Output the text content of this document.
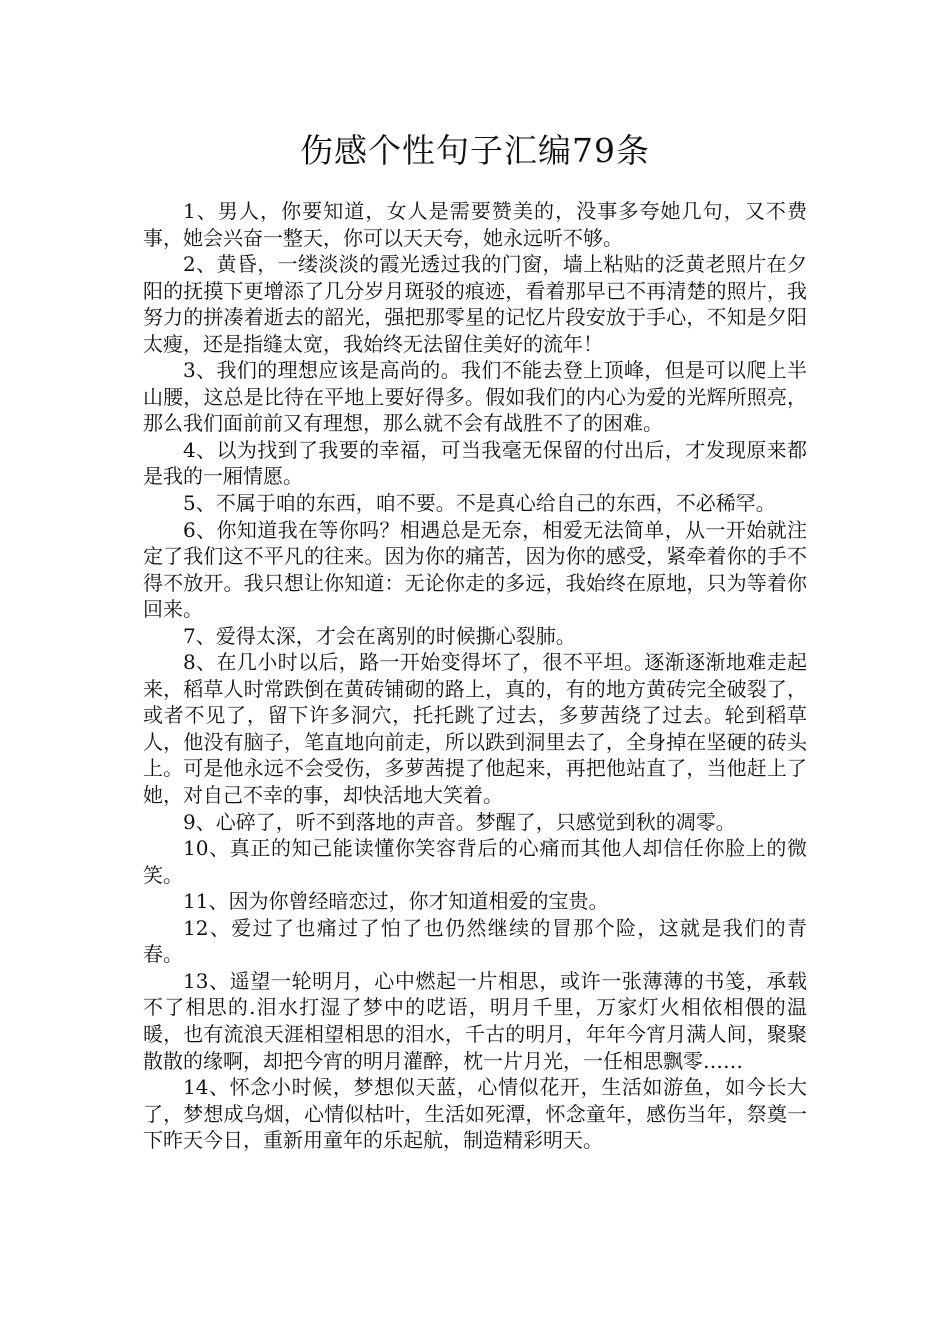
伤感个性句子汇编79条

1、男人，你要知道，女人是需要赞美的，没事多夸她几句，又不费事，她会兴奋一整天，你可以天天夸，她永远听不够。

2、黄昏，一缕淡淡的霞光透过我的门窗，墙上粘贴的泛黄老照片在夕阳的抚摸下更增添了几分岁月斑驳的痕迹，看着那早已不再清楚的照片，我努力的拼凑着逝去的韶光，强把那零星的记忆片段安放于手心，不知是夕阳太瘦，还是指缝太宽，我始终无法留住美好的流年！

3、我们的理想应该是高尚的。我们不能去登上顶峰，但是可以爬上半山腰，这总是比待在平地上要好得多。假如我们的内心为爱的光辉所照亮，那么我们面前前又有理想，那么就不会有战胜不了的困难。

4、以为找到了我要的幸福，可当我毫无保留的付出后，才发现原来都是我的一厢情愿。

5、不属于咱的东西，咱不要。不是真心给自己的东西，不必稀罕。

6、你知道我在等你吗？相遇总是无奈，相爱无法简单，从一开始就注定了我们这不平凡的往来。因为你的痛苦，因为你的感受，紧牵着你的手不得不放开。我只想让你知道：无论你走的多远，我始终在原地，只为等着你回来。

7、爱得太深，才会在离别的时候撕心裂肺。

8、在几小时以后，路一开始变得坏了，很不平坦。逐渐逐渐地难走起来，稻草人时常跌倒在黄砖铺砌的路上，真的，有的地方黄砖完全破裂了，或者不见了，留下许多洞穴，托托跳了过去，多萝茜绕了过去。轮到稻草人，他没有脑子，笔直地向前走，所以跌到洞里去了，全身掉在坚硬的砖头上。可是他永远不会受伤，多萝茜提了他起来，再把他站直了，当他赶上了她，对自己不幸的事，却快活地大笑着。

9、心碎了，听不到落地的声音。梦醒了，只感觉到秋的凋零。

10、真正的知己能读懂你笑容背后的心痛而其他人却信任你脸上的微笑。

11、因为你曾经暗恋过，你才知道相爱的宝贵。

12、爱过了也痛过了怕了也仍然继续的冒那个险，这就是我们的青春。

13、遥望一轮明月，心中燃起一片相思，或许一张薄薄的书笺，承载不了相思的.泪水打湿了梦中的呓语，明月千里，万家灯火相依相偎的温暖，也有流浪天涯相望相思的泪水，千古的明月，年年今宵月满人间，聚聚散散的缘啊，却把今宵的明月灌醉，枕一片月光，一任相思飘零……

14、怀念小时候，梦想似天蓝，心情似花开，生活如游鱼，如今长大了，梦想成乌烟，心情似枯叶，生活如死潭，怀念童年，感伤当年，祭奠一下昨天今日，重新用童年的乐起航，制造精彩明天。
